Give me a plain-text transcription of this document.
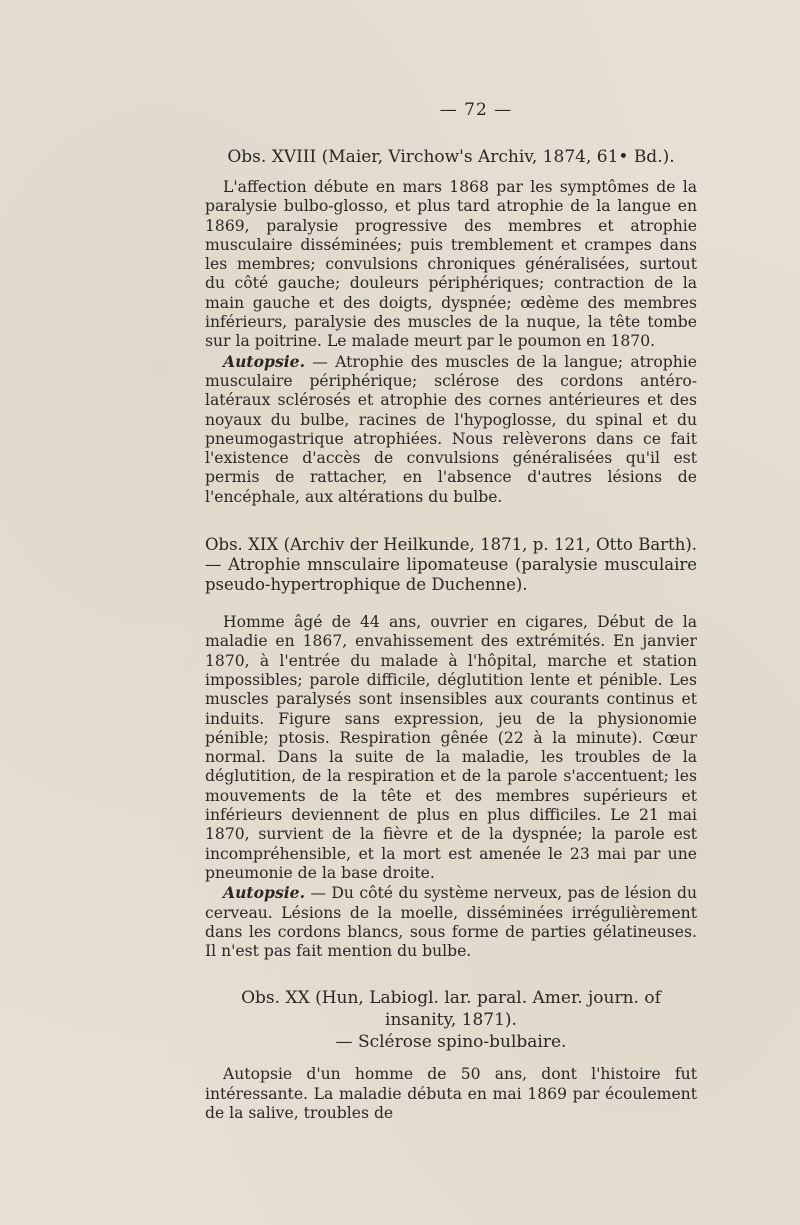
— 72 —
Obs. XVIII (Maier, Virchow's Archiv, 1874, 61• Bd.).

L'affection débute en mars 1868 par les symptômes de la paralysie bulbo-glosso, et plus tard atrophie de la langue en 1869, paralysie progressive des membres et atrophie musculaire disséminées; puis tremblement et crampes dans les membres; convulsions chroniques généralisées, surtout du côté gauche; douleurs périphériques; contraction de la main gauche et des doigts, dyspnée; œdème des membres inférieurs, paralysie des muscles de la nuque, la tête tombe sur la poitrine. Le malade meurt par le poumon en 1870.

Autopsie. — Atrophie des muscles de la langue; atrophie musculaire périphérique; sclérose des cordons antéro-latéraux sclérosés et atrophie des cornes antérieures et des noyaux du bulbe, racines de l'hypoglosse, du spinal et du pneumogastrique atrophiées. Nous relèverons dans ce fait l'existence d'accès de convulsions généralisées qu'il est permis de rattacher, en l'absence d'autres lésions de l'encéphale, aux altérations du bulbe.

Obs. XIX (Archiv der Heilkunde, 1871, p. 121, Otto Barth). — Atrophie mnsculaire lipomateuse (paralysie musculaire pseudo-hypertrophique de Duchenne).

Homme âgé de 44 ans, ouvrier en cigares, Début de la maladie en 1867, envahissement des extrémités. En janvier 1870, à l'entrée du malade à l'hôpital, marche et station impossibles; parole difficile, déglutition lente et pénible. Les muscles paralysés sont insensibles aux courants continus et induits. Figure sans expression, jeu de la physionomie pénible; ptosis. Respiration gênée (22 à la minute). Cœur normal. Dans la suite de la maladie, les troubles de la déglutition, de la respiration et de la parole s'accentuent; les mouvements de la tête et des membres supérieurs et inférieurs deviennent de plus en plus difficiles. Le 21 mai 1870, survient de la fièvre et de la dyspnée; la parole est incompréhensible, et la mort est amenée le 23 mai par une pneumonie de la base droite.

Autopsie. — Du côté du système nerveux, pas de lésion du cerveau. Lésions de la moelle, disséminées irrégulièrement dans les cordons blancs, sous forme de parties gélatineuses. Il n'est pas fait mention du bulbe.

Obs. XX (Hun, Labiogl. lar. paral. Amer. journ. of insanity, 1871).
— Sclérose spino-bulbaire.

Autopsie d'un homme de 50 ans, dont l'histoire fut intéressante. La maladie débuta en mai 1869 par écoulement de la salive, troubles de
